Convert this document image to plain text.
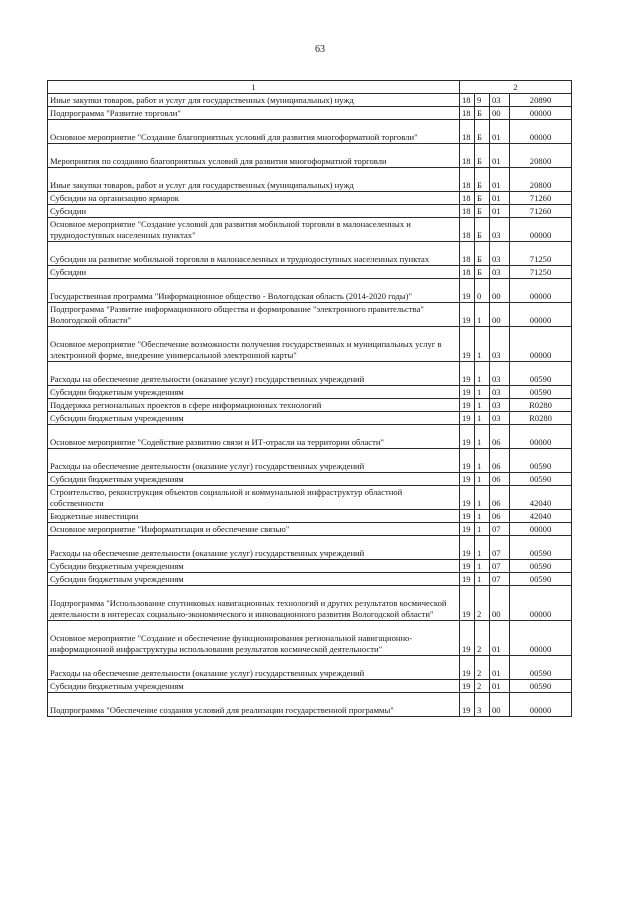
63
1	2			
Иные закупки товаров, работ и услуг для государственных (муниципальных) нужд	18	9	03	20890
Подпрограмма "Развитие торговли"	18	Б	00	00000
Основное мероприятие "Создание благоприятных условий для развития многоформатной торговли"	18	Б	01	00000
Мероприятия по созданию благоприятных условий для развития многоформатной торговли	18	Б	01	20800
Иные закупки товаров, работ и услуг для государственных (муниципальных) нужд	18	Б	01	20800
Субсидии на организацию ярмарок	18	Б	01	71260
Субсидии	18	Б	01	71260
Основное мероприятие "Создание условий для развития мобильной торговли в малонаселенных и труднодоступных населенных пунктах"	18	Б	03	00000
Субсидии на развитие мобильной торговли в малонаселенных и труднодоступных населенных пунктах	18	Б	03	71250
Субсидии	18	Б	03	71250
Государственная программа "Информационное общество - Вологодская область (2014-2020 годы)"	19	0	00	00000
Подпрограмма "Развитие информационного общества и формирование "электронного правительства" Вологодской области"	19	1	00	00000
Основное мероприятие "Обеспечение возможности получения государственных и муниципальных услуг в электронной форме, внедрение универсальной электронной карты"	19	1	03	00000
Расходы на обеспечение деятельности (оказание услуг) государственных учреждений	19	1	03	00590
Субсидии бюджетным учреждениям	19	1	03	00590
Поддержка региональных проектов в сфере информационных технологий	19	1	03	R0280
Субсидии бюджетным учреждениям	19	1	03	R0280
Основное мероприятие "Содействие развитию связи и ИТ-отрасли на территории области"	19	1	06	00000
Расходы на обеспечение деятельности (оказание услуг) государственных учреждений	19	1	06	00590
Субсидии бюджетным учреждениям	19	1	06	00590
Строительство, реконструкция объектов социальной и коммунальной инфраструктур областной собственности	19	1	06	42040
Бюджетные инвестиции	19	1	06	42040
Основное мероприятие "Информатизация и обеспечение связью"	19	1	07	00000
Расходы на обеспечение деятельности (оказание услуг) государственных учреждений	19	1	07	00590
Субсидии бюджетным учреждениям	19	1	07	00590
Субсидии бюджетным учреждениям	19	1	07	00590
Подпрограмма "Использование спутниковых навигационных технологий и других результатов космической деятельности в интересах социально-экономического и инновационного развития Вологодской области"	19	2	00	00000
Основное мероприятие "Создание и обеспечение функционирования региональной навигационно-информационной инфраструктуры использования результатов космической деятельности"	19	2	01	00000
Расходы на обеспечение деятельности (оказание услуг) государственных учреждений	19	2	01	00590
Субсидии бюджетным учреждениям	19	2	01	00590
Подпрограмма "Обеспечение создания условий для реализации государственной программы"	19	3	00	00000
